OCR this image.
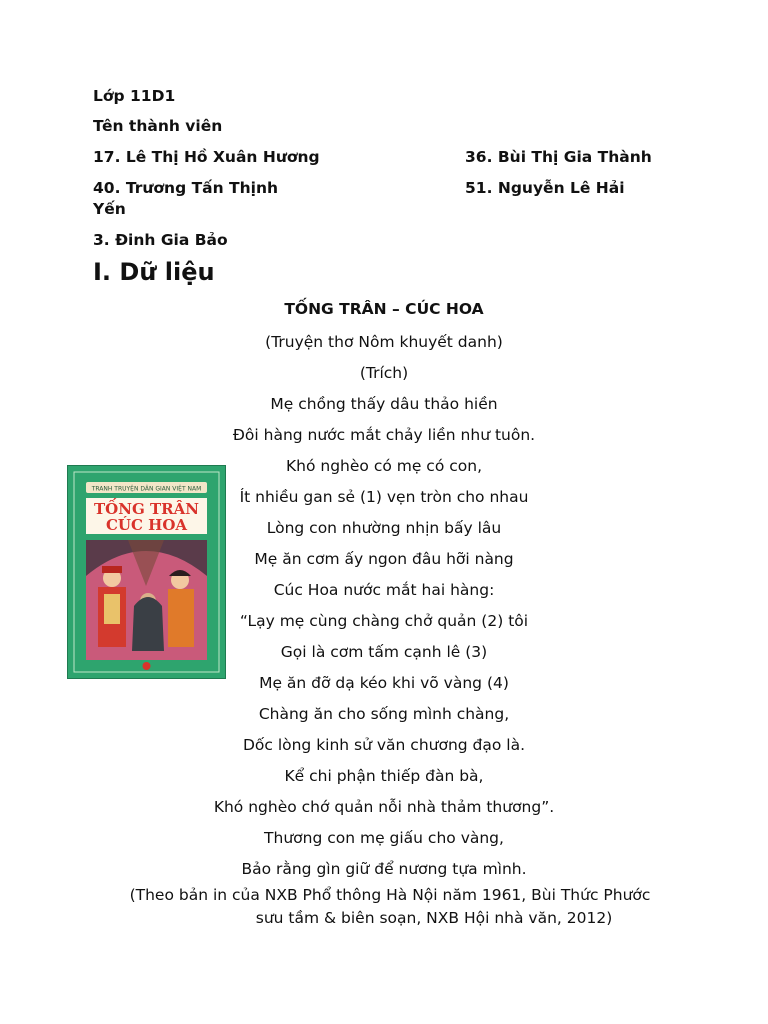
Lớp 11D1
Tên thành viên
17. Lê Thị Hồ Xuân Hương	36. Bùi Thị Gia Thành
40. Trương Tấn Thịnh	51. Nguyễn Lê Hải
Yến
3. Đinh Gia Bảo
I. Dữ liệu
TỐNG TRÂN – CÚC HOA
(Truyện thơ Nôm khuyết danh)
(Trích)
Mẹ chồng thấy dâu thảo hiền
Đôi hàng nước mắt chảy liền như tuôn.
Khó nghèo có mẹ có con,
Ít nhiều gan sẻ (1) vẹn tròn cho nhau
Lòng con nhường nhịn bấy lâu
Mẹ ăn cơm ấy ngon đâu hỡi nàng
Cúc Hoa nước mắt hai hàng:
“Lạy mẹ cùng chàng chở quản (2) tôi
Gọi là cơm tấm cạnh lê (3)
Mẹ ăn đỡ dạ kéo khi võ vàng (4)
Chàng ăn cho sống mình chàng,
Dốc lòng kinh sử văn chương đạo là.
Kể chi phận thiếp đàn bà,
Khó nghèo chớ quản nỗi nhà thảm thương”.
Thương con mẹ giấu cho vàng,
Bảo rằng gìn giữ để nương tựa mình.
(Theo bản in của NXB Phổ thông Hà Nội năm 1961, Bùi Thức Phước
sưu tầm & biên soạn, NXB Hội nhà văn, 2012)
TRANH TRUYỆN DÂN GIAN VIỆT NAM
TỐNG TRÂN
CÚC HOA
